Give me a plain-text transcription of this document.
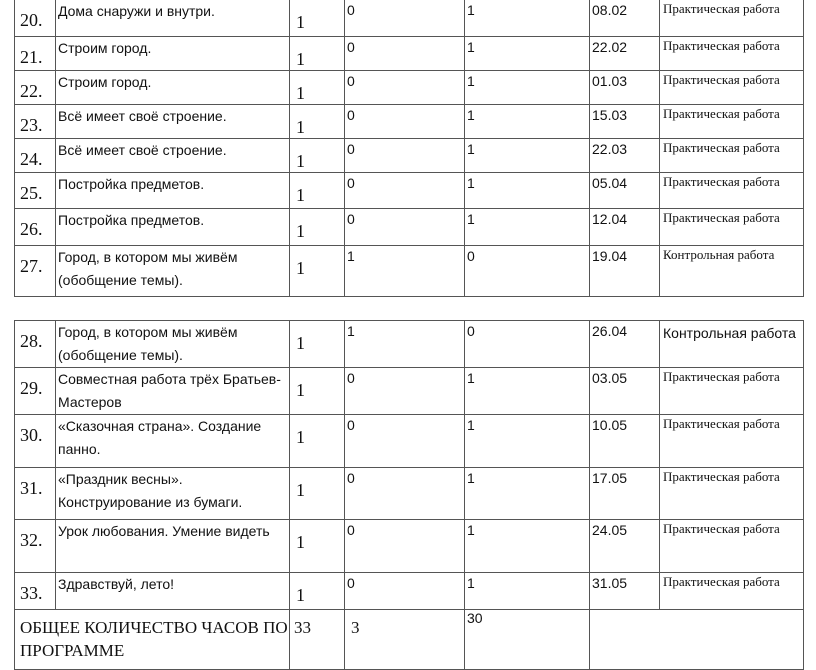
20.	Дома снаружи и внутри.	1	0	1	08.02	Практическая работа
21.	Строим город.	1	0	1	22.02	Практическая работа
22.	Строим город.	1	0	1	01.03	Практическая работа
23.	Всё имеет своё строение.	1	0	1	15.03	Практическая работа
24.	Всё имеет своё строение.	1	0	1	22.03	Практическая работа
25.	Постройка предметов.	1	0	1	05.04	Практическая работа
26.	Постройка предметов.	1	0	1	12.04	Практическая работа
27.	Город, в котором мы живём (обобщение темы).	1	1	0	19.04	Контрольная работа
28.	Город, в котором мы живём (обобщение темы).	1	1	0	26.04	Контрольная работа
29.	Совместная работа трёх Братьев-Мастеров	1	0	1	03.05	Практическая работа
30.	«Сказочная страна». Создание панно.	1	0	1	10.05	Практическая работа
31.	«Праздник весны». Конструирование из бумаги.	1	0	1	17.05	Практическая работа
32.	Урок любования. Умение видеть	1	0	1	24.05	Практическая работа
33.	Здравствуй, лето!	1	0	1	31.05	Практическая работа
ОБЩЕЕ КОЛИЧЕСТВО ЧАСОВ ПО ПРОГРАММЕ		33	3	30		
